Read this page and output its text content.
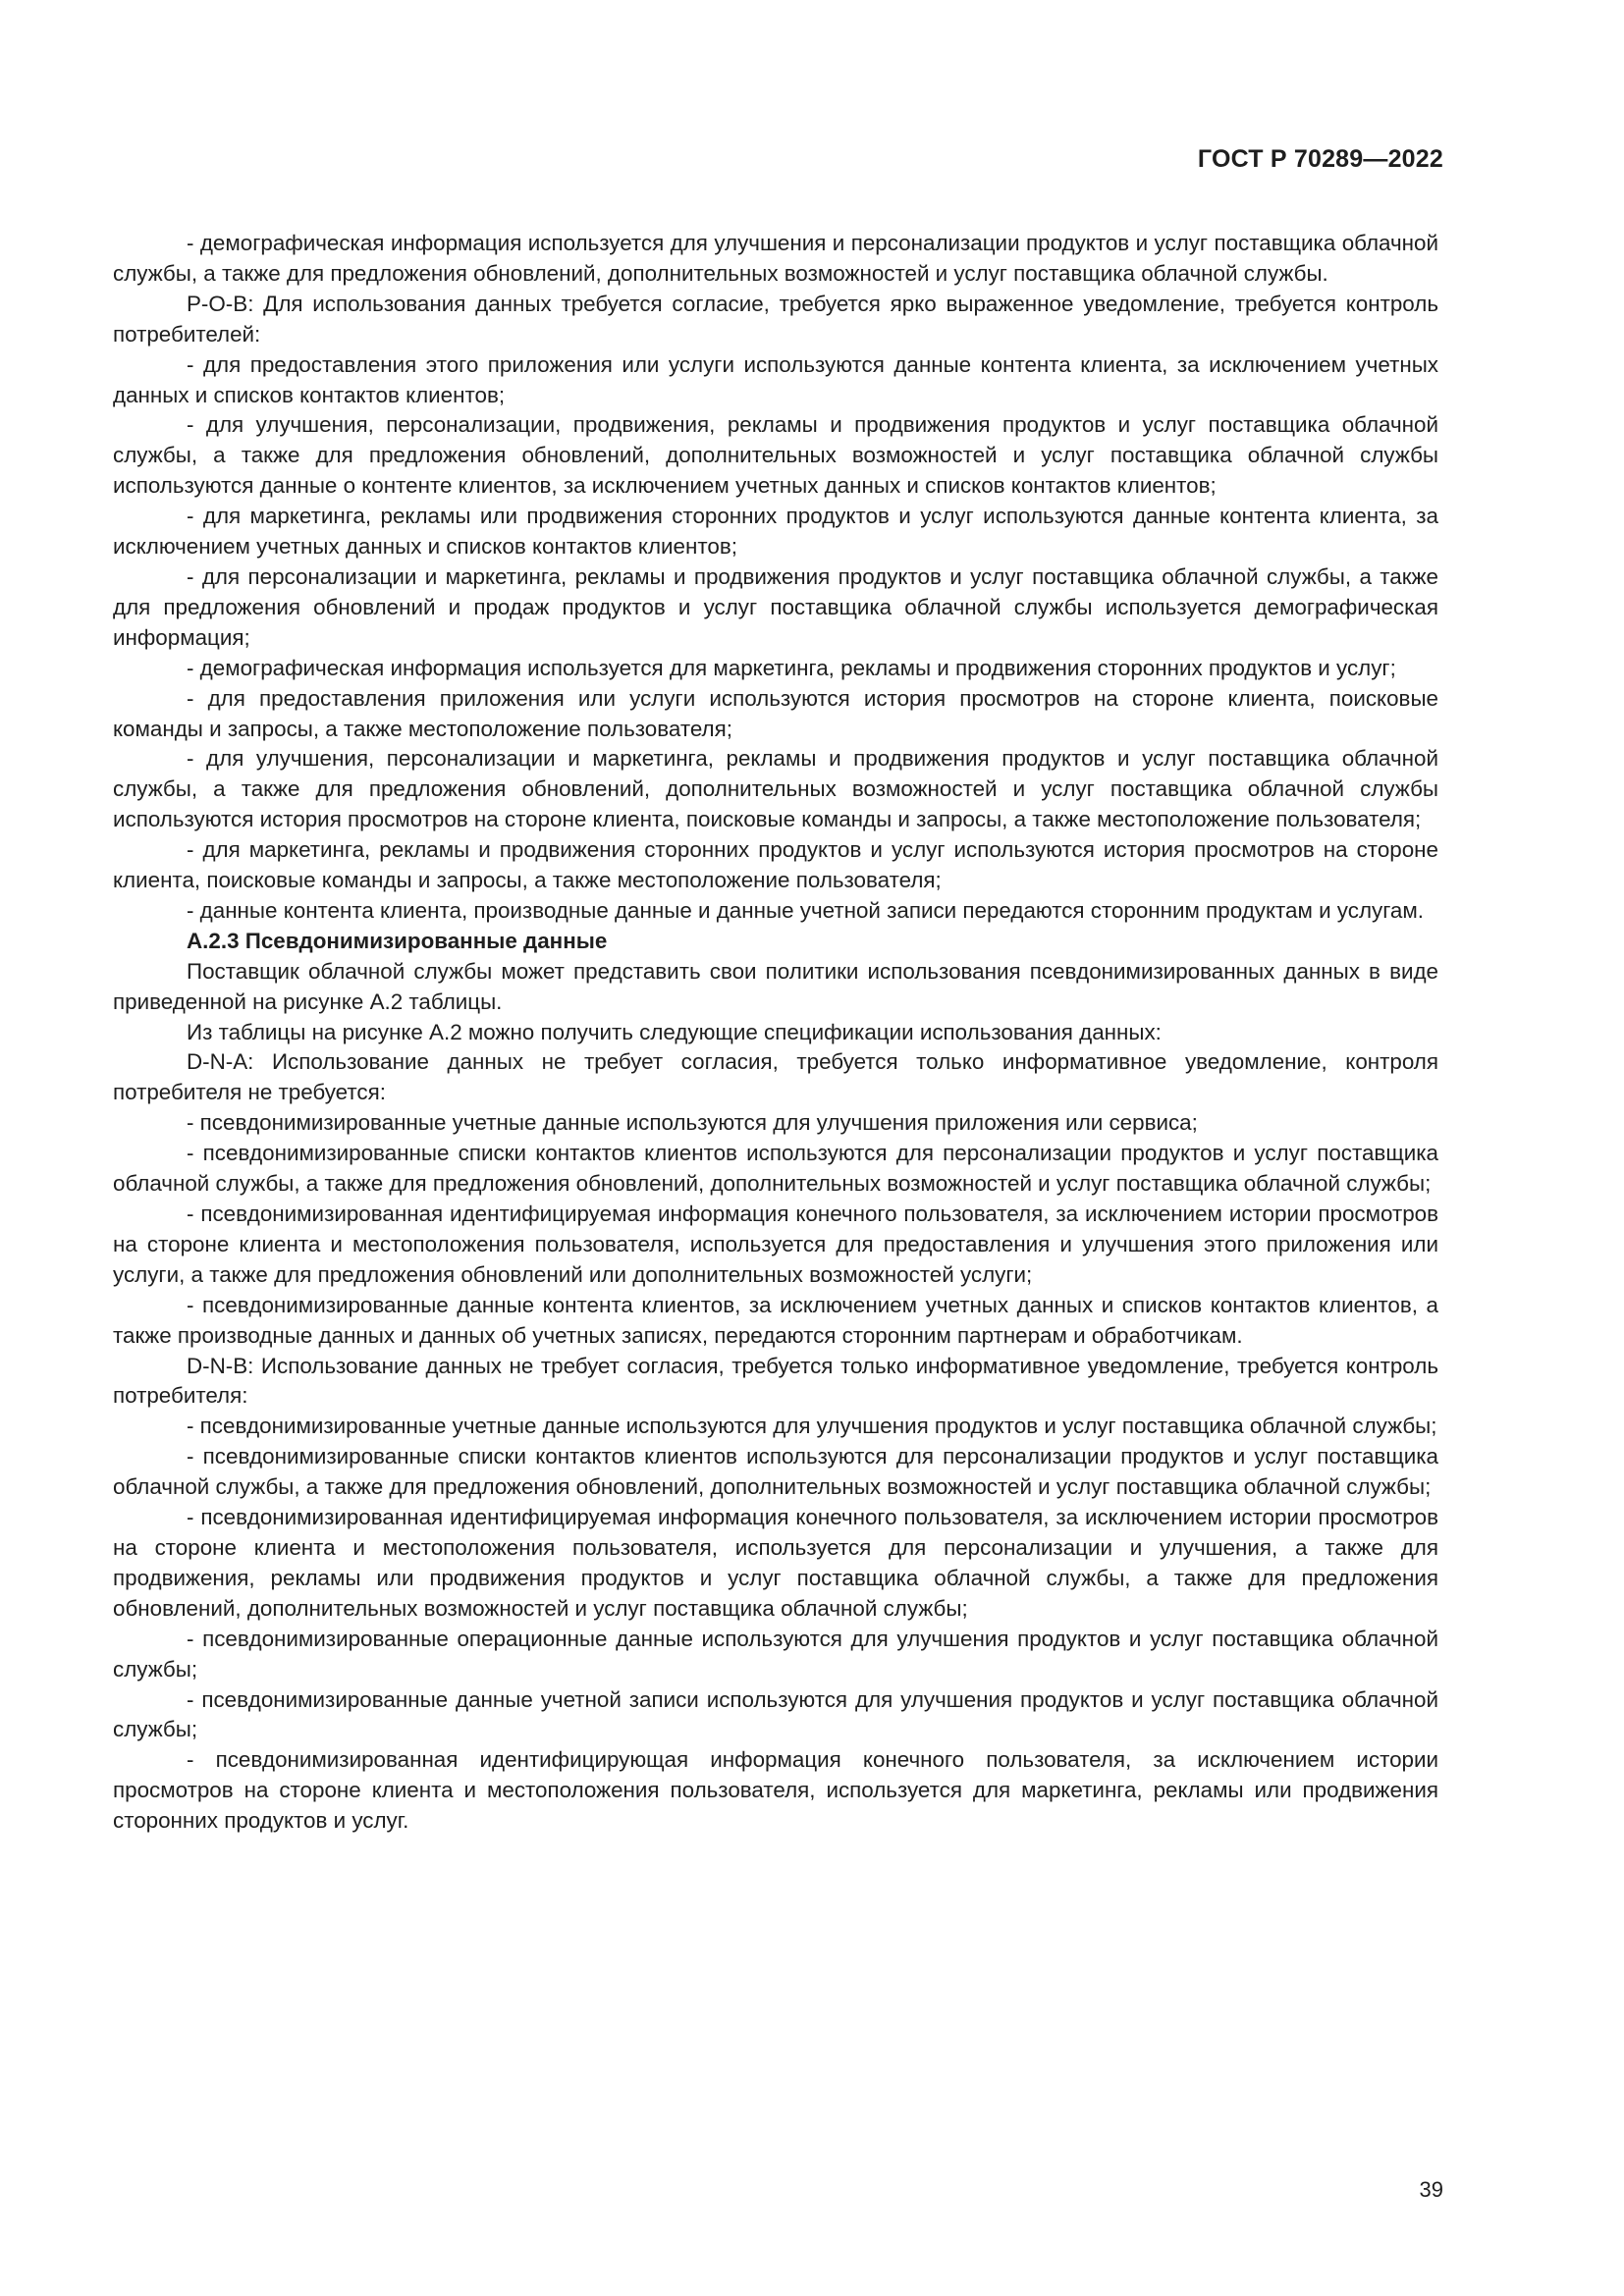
ГОСТ Р 70289—2022

- демографическая информация используется для улучшения и персонализации продуктов и услуг поставщика облачной службы, а также для предложения обновлений, дополнительных возможностей и услуг поставщика облачной службы.

P-O-B: Для использования данных требуется согласие, требуется ярко выраженное уведомление, требуется контроль потребителей:

- для предоставления этого приложения или услуги используются данные контента клиента, за исключением учетных данных и списков контактов клиентов;

- для улучшения, персонализации, продвижения, рекламы и продвижения продуктов и услуг поставщика облачной службы, а также для предложения обновлений, дополнительных возможностей и услуг поставщика облачной службы используются данные о контенте клиентов, за исключением учетных данных и списков контактов клиентов;

- для маркетинга, рекламы или продвижения сторонних продуктов и услуг используются данные контента клиента, за исключением учетных данных и списков контактов клиентов;

- для персонализации и маркетинга, рекламы и продвижения продуктов и услуг поставщика облачной службы, а также для предложения обновлений и продаж продуктов и услуг поставщика облачной службы используется демографическая информация;

- демографическая информация используется для маркетинга, рекламы и продвижения сторонних продуктов и услуг;

- для предоставления приложения или услуги используются история просмотров на стороне клиента, поисковые команды и запросы, а также местоположение пользователя;

- для улучшения, персонализации и маркетинга, рекламы и продвижения продуктов и услуг поставщика облачной службы, а также для предложения обновлений, дополнительных возможностей и услуг поставщика облачной службы используются история просмотров на стороне клиента, поисковые команды и запросы, а также местоположение пользователя;

- для маркетинга, рекламы и продвижения сторонних продуктов и услуг используются история просмотров на стороне клиента, поисковые команды и запросы, а также местоположение пользователя;

- данные контента клиента, производные данные и данные учетной записи передаются сторонним продуктам и услугам.

A.2.3 Псевдонимизированные данные

Поставщик облачной службы может представить свои политики использования псевдонимизированных данных в виде приведенной на рисунке A.2 таблицы.

Из таблицы на рисунке A.2 можно получить следующие спецификации использования данных:

D-N-A: Использование данных не требует согласия, требуется только информативное уведомление, контроля потребителя не требуется:

- псевдонимизированные учетные данные используются для улучшения приложения или сервиса;

- псевдонимизированные списки контактов клиентов используются для персонализации продуктов и услуг поставщика облачной службы, а также для предложения обновлений, дополнительных возможностей и услуг поставщика облачной службы;

- псевдонимизированная идентифицируемая информация конечного пользователя, за исключением истории просмотров на стороне клиента и местоположения пользователя, используется для предоставления и улучшения этого приложения или услуги, а также для предложения обновлений или дополнительных возможностей услуги;

- псевдонимизированные данные контента клиентов, за исключением учетных данных и списков контактов клиентов, а также производные данных и данных об учетных записях, передаются сторонним партнерам и обработчикам.

D-N-B: Использование данных не требует согласия, требуется только информативное уведомление, требуется контроль потребителя:

- псевдонимизированные учетные данные используются для улучшения продуктов и услуг поставщика облачной службы;

- псевдонимизированные списки контактов клиентов используются для персонализации продуктов и услуг поставщика облачной службы, а также для предложения обновлений, дополнительных возможностей и услуг поставщика облачной службы;

- псевдонимизированная идентифицируемая информация конечного пользователя, за исключением истории просмотров на стороне клиента и местоположения пользователя, используется для персонализации и улучшения, а также для продвижения, рекламы или продвижения продуктов и услуг поставщика облачной службы, а также для предложения обновлений, дополнительных возможностей и услуг поставщика облачной службы;

- псевдонимизированные операционные данные используются для улучшения продуктов и услуг поставщика облачной службы;

- псевдонимизированные данные учетной записи используются для улучшения продуктов и услуг поставщика облачной службы;

- псевдонимизированная идентифицирующая информация конечного пользователя, за исключением истории просмотров на стороне клиента и местоположения пользователя, используется для маркетинга, рекламы или продвижения сторонних продуктов и услуг.

39
